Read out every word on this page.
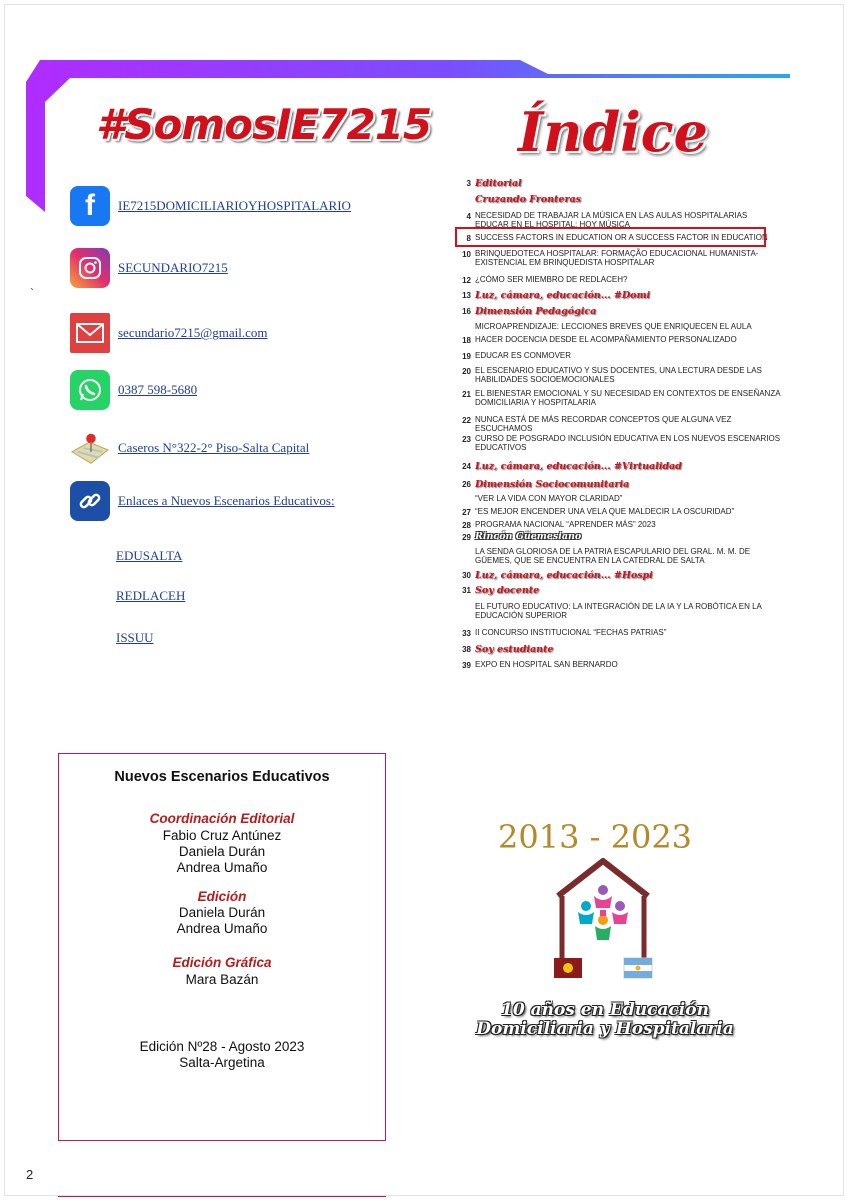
#SomosIE7215 Índice
f IE7215DOMICILIARIOYHOSPITALARIO
SECUNDARIO7215
secundario7215@gmail.com
0387 598-5680
Caseros N°322-2° Piso-Salta Capital
Enlaces a Nuevos Escenarios Educativos:
`
EDUSALTA
REDLACEH
ISSUU
3 Editorial
Cruzando Fronteras
4 NECESIDAD DE TRABAJAR LA MÚSICA EN LAS AULAS HOSPITALARIAS
EDUCAR EN EL HOSPITAL: HOY MÚSICA
8 SUCCESS FACTORS IN EDUCATION OR A SUCCESS FACTOR IN EDUCATION
10 BRINQUEDOTECA HOSPITALAR: FORMAÇÃO EDUCACIONAL HUMANISTA-EXISTENCIAL EM BRINQUEDISTA HOSPITALAR
12 ¿CÓMO SER MIEMBRO DE REDLACEH?
13 Luz, cámara, educación... #Domi
16 Dimensión Pedagógica
MICROAPRENDIZAJE: LECCIONES BREVES QUE ENRIQUECEN EL AULA
18 HACER DOCENCIA DESDE EL ACOMPAÑAMIENTO PERSONALIZADO
19 EDUCAR ES CONMOVER
20 EL ESCENARIO EDUCATIVO Y SUS DOCENTES, UNA LECTURA DESDE LAS HABILIDADES SOCIOEMOCIONALES
21 EL BIENESTAR EMOCIONAL Y SU NECESIDAD EN CONTEXTOS DE ENSEÑANZA DOMICILIARIA Y HOSPITALARIA
22 NUNCA ESTÁ DE MÁS RECORDAR CONCEPTOS QUE ALGUNA VEZ ESCUCHAMOS
23 CURSO DE POSGRADO INCLUSIÓN EDUCATIVA EN LOS NUEVOS ESCENARIOS EDUCATIVOS
24 Luz, cámara, educación... #Virtualidad
26 Dimensión Sociocomunitaria
“VER LA VIDA CON MAYOR CLARIDAD”
27 “ES MEJOR ENCENDER UNA VELA QUE MALDECIR LA OSCURIDAD”
28 PROGRAMA NACIONAL “APRENDER MÁS” 2023
29 Rincón Güemesiano
LA SENDA GLORIOSA DE LA PATRIA ESCAPULARIO DEL GRAL. M. M. DE GÜEMES, QUE SE ENCUENTRA EN LA CATEDRAL DE SALTA
30 Luz, cámara, educación... #Hospi
31 Soy docente
EL FUTURO EDUCATIVO: LA INTEGRACIÓN DE LA IA Y LA ROBÓTICA EN LA EDUCACIÓN SUPERIOR
33 II CONCURSO INSTITUCIONAL “FECHAS PATRIAS”
38 Soy estudiante
39 EXPO EN HOSPITAL SAN BERNARDO
Nuevos Escenarios Educativos
Coordinación Editorial
Fabio Cruz Antúnez
Daniela Durán
Andrea Umaño
Edición
Daniela Durán
Andrea Umaño
Edición Gráfica
Mara Bazán
Edición Nº28 - Agosto 2023
Salta-Argetina
2013 - 2023
10 años en Educación
Domiciliaria y Hospitalaria
2
